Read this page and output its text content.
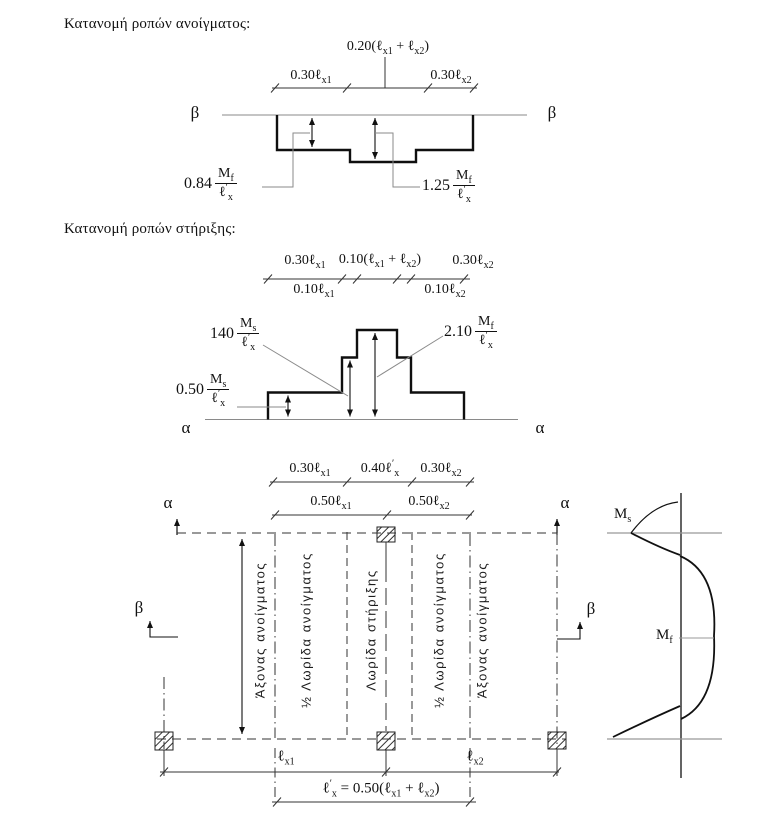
Κατανομή ροπών ανοίγματος:
0.20(ℓ$_{x1}$ + ℓ$_{x2}$)
0.30ℓ$_{x1}$	0.30ℓ$_{x2}$
β	β
$0.84 \frac{M_f}{\ell'_x}$	$1.25 \frac{M_f}{\ell'_x}$
Κατανομή ροπών στήριξης:
0.30ℓ$_{x1}$ 0.10(ℓ$_{x1}$ + ℓ$_{x2}$) 0.30ℓ$_{x2}$
0.10ℓ$_{x1}$	0.10ℓ$_{x2}$
$140 \frac{M_s}{\ell'_x}$	$2.10 \frac{M_f}{\ell'_x}$
$0.50 \frac{M_s}{\ell'_x}$
α	α
0.30ℓ$_{x1}$ 0.40ℓ′$_x$ 0.30ℓ$_{x2}$
0.50ℓ$_{x1}$	0.50ℓ$_{x2}$
α	α
β	β
Άξονας ανοίγματος ½ Λωρίδα ανοίγματος	Λωρίδα στήριξης	½ Λωρίδα ανοίγματος Άξονας ανοίγματος
ℓ$_{x1}$	ℓ$_{x2}$
ℓ′$_x$ = 0.50(ℓ$_{x1}$ + ℓ$_{x2}$)
$M_s$
$M_f$
